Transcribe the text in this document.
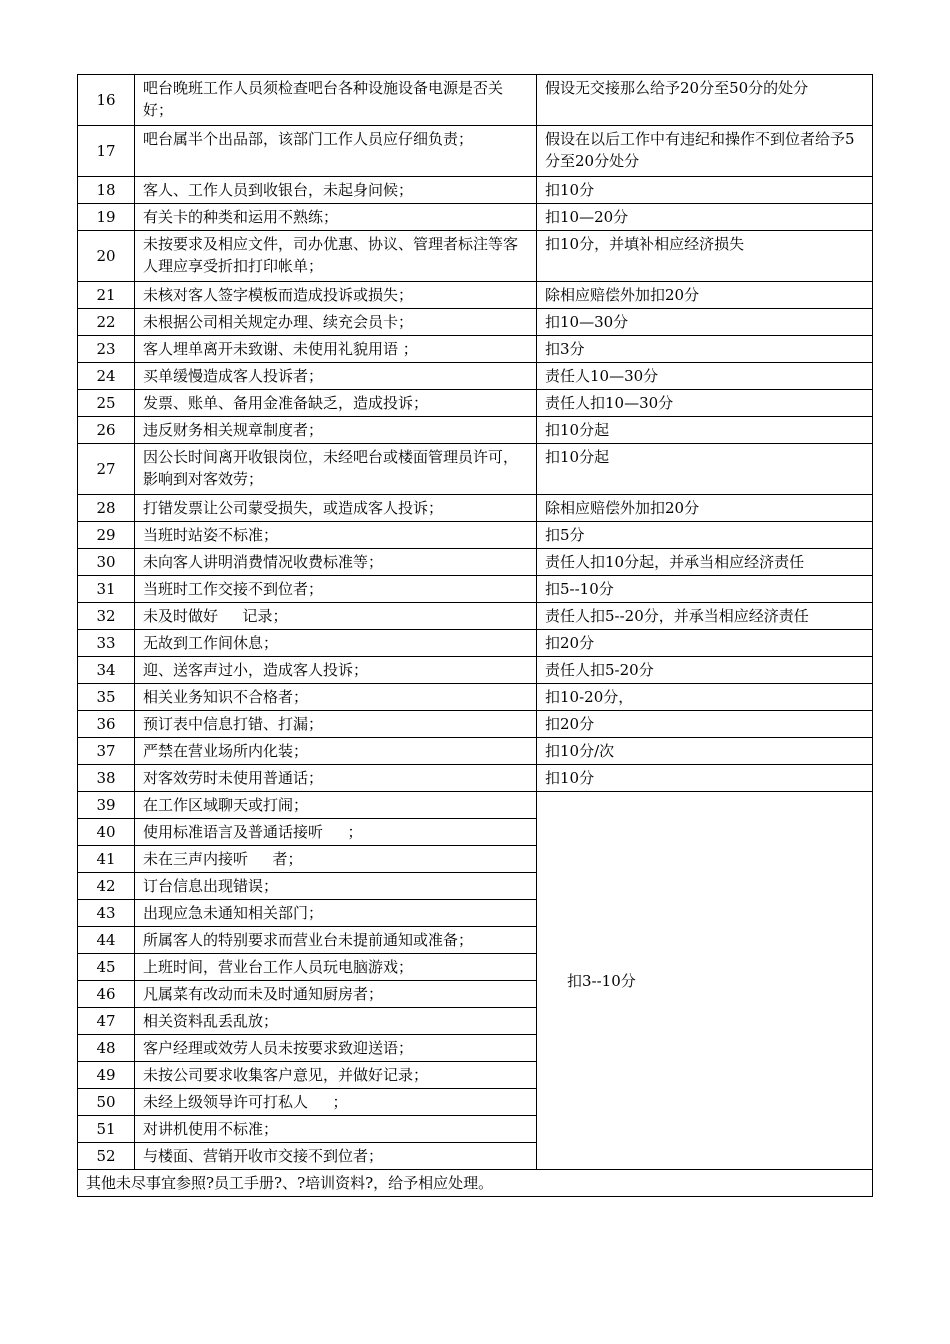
16	吧台晚班工作人员须检查吧台各种设施设备电源是否关好；	假设无交接那么给予20分至50分的处分
17	吧台属半个出品部，该部门工作人员应仔细负责；	假设在以后工作中有违纪和操作不到位者给予5分至20分处分
18	客人、工作人员到收银台，未起身问候；	扣10分
19	有关卡的种类和运用不熟练；	扣10—20分
20	未按要求及相应文件，司办优惠、协议、管理者标注等客人理应享受折扣打印帐单；	扣10分，并填补相应经济损失
21	未核对客人签字模板而造成投诉或损失；	除相应赔偿外加扣20分
22	未根据公司相关规定办理、续充会员卡；	扣10—30分
23	客人埋单离开未致谢、未使用礼貌用语 ；	扣3分
24	买单缓慢造成客人投诉者；	责任人10—30分
25	发票、账单、备用金准备缺乏，造成投诉；	责任人扣10—30分
26	违反财务相关规章制度者；	扣10分起
27	因公长时间离开收银岗位，未经吧台或楼面管理员许可，影响到对客效劳；	扣10分起
28	打错发票让公司蒙受损失，或造成客人投诉；	除相应赔偿外加扣20分
29	当班时站姿不标准；	扣5分
30	未向客人讲明消费情况收费标准等；	责任人扣10分起，并承当相应经济责任
31	当班时工作交接不到位者；	扣5--10分
32	未及时做好 　 记录；	责任人扣5--20分，并承当相应经济责任
33	无故到工作间休息；	扣20分
34	迎、送客声过小，造成客人投诉；	责任人扣5-20分
35	相关业务知识不合格者；	扣10-20分，
36	预订表中信息打错、打漏；	扣20分
37	严禁在营业场所内化装；	扣10分/次
38	对客效劳时未使用普通话；	扣10分
39	在工作区域聊天或打闹；	扣3--10分
40	使用标准语言及普通话接听 　 ；	
41	未在三声内接听 　 者；	
42	订台信息出现错误；	
43	出现应急未通知相关部门；	
44	所属客人的特别要求而营业台未提前通知或准备；	
45	上班时间，营业台工作人员玩电脑游戏；	
46	凡属菜有改动而未及时通知厨房者；	
47	相关资料乱丢乱放；	
48	客户经理或效劳人员未按要求致迎送语；	
49	未按公司要求收集客户意见，并做好记录；	
50	未经上级领导许可打私人 　 ；	
51	对讲机使用不标准；	
52	与楼面、营销开收市交接不到位者；	
其他未尽事宜参照?员工手册?、?培训资料?，给予相应处理。		
